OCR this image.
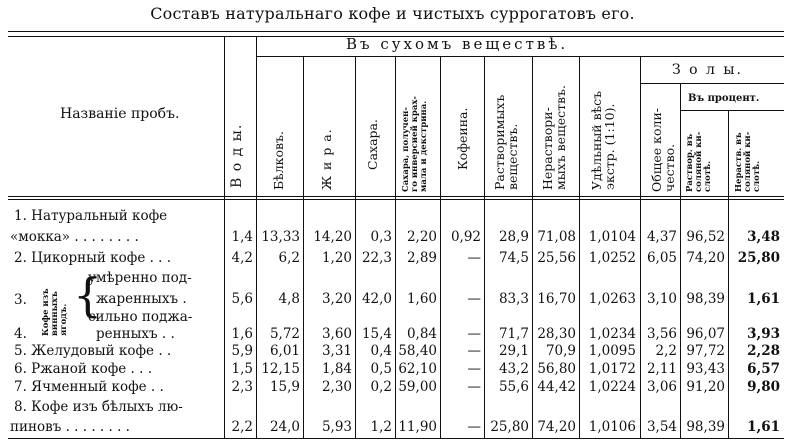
Составъ натуральнаго кофе и чистыхъ суррогатовъ его.
Названіе пробъ.
В о д ы.
Въ сухомъ веществѣ.
Бѣлковъ.	Ж и р а. Сахара.
Сахара, получен-
го инверсией крах-
мала и декстрина. Кофеина. Растворимыхъ
веществъ. Нераствори-
мыхъ веществъ.
Удѣльный вѣсъ
экстр. (1:10).
З о л ы.
Общее коли-
чество.
Въ процент.
Раствор. въ
соляной ки-
слотѣ. Нераств. въ
соляной ки-
слотѣ.
1. Натуральный кофе
«мокка» . . . . . . . .
2. Цикорный кофе . . .
3.
Кофе изъ
винныхъ
ягодъ. {
умѣренно под-
жаренныхъ .
4.
сильно поджа-
ренныхъ . .
5. Желудовый кофе . .
6. Ржаной кофе . . .
7. Ячменный кофе . .
8. Кофе изъ бѣлыхъ лю-
пиновъ . . . . . . . .
1,4 13,33 14,20 0,3 2,20 0,92 28,9 71,08 1,0104 4,37 96,52 3,48
4,2 6,2 1,20 22,3 2,89 — 74,5 25,56 1,0252 6,05 74,20 25,80
5,6 4,8 3,20 42,0 1,60 — 83,3 16,70 1,0263 3,10 98,39 1,61
1,6 5,72 3,60 15,4 0,84 — 71,7 28,30 1,0234 3,56 96,07 3,93
5,9 6,01 3,31 0,4 58,40 — 29,1 70,9 1,0095 2,2 97,72 2,28
1,5 12,15 1,84 0,5 62,10 — 43,2 56,80 1,0172 2,11 93,43 6,57
2,3 15,9 2,30 0,2 59,00 — 55,6 44,42 1,0224 3,06 91,20 9,80
2,2 24,0 5,93 1,2 11,90 — 25,80 74,20 1,0106 3,54 98,39 1,61
